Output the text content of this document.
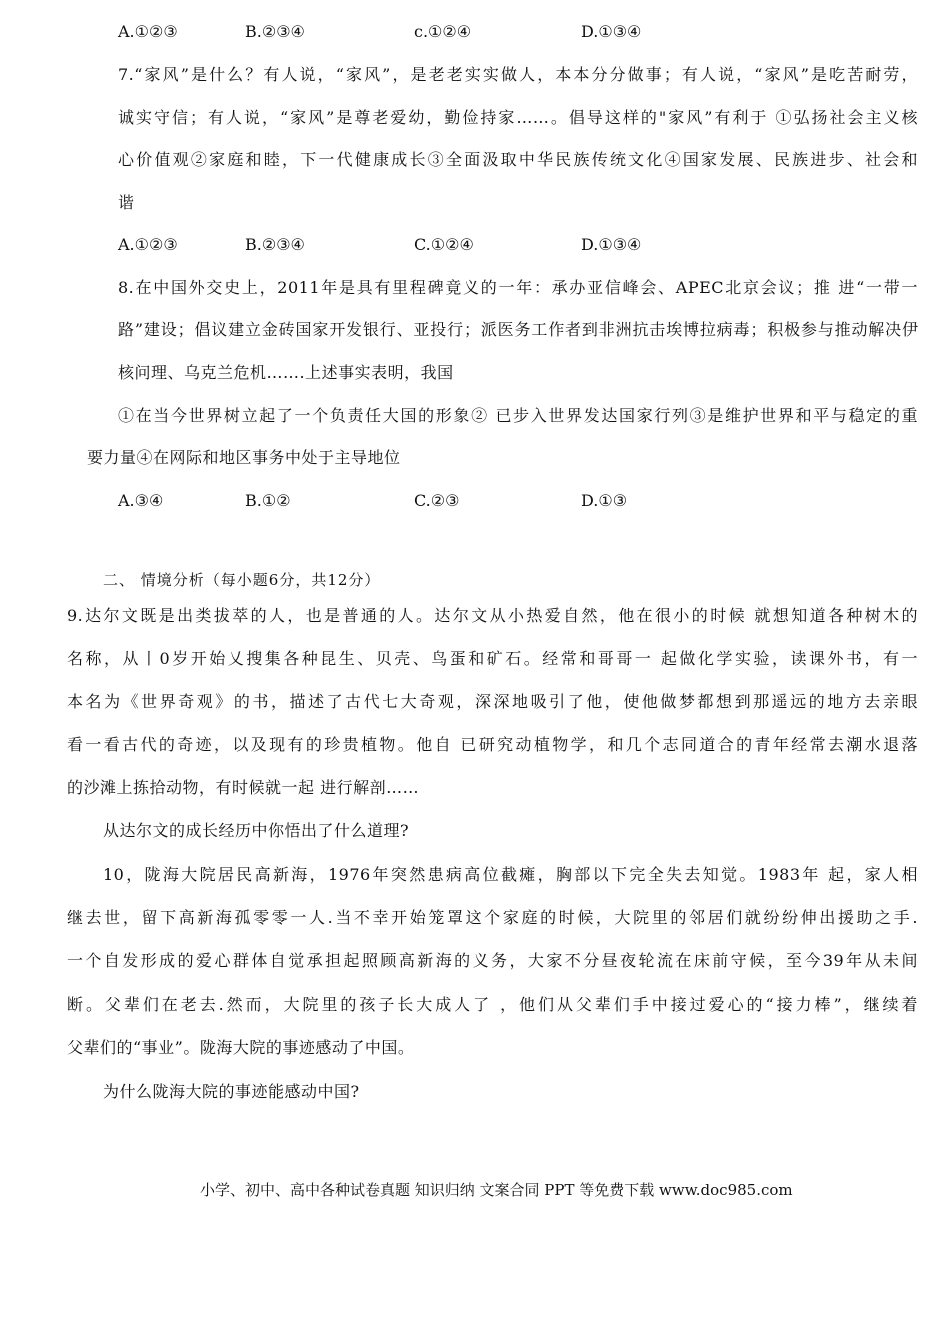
A.①②③	B.②③④	c.①②④	D.①③④
7.“家风”是什么？有人说，“家风”，是老老实实做人，本本分分做事；有人说，“家风”是吃苦耐劳，
诚实守信；有人说，“家风”是尊老爱幼，勤俭持家……。倡导这样的"家风”有利于 ①弘扬社会主义核
心价值观②家庭和睦，下一代健康成长③全面汲取中华民族传统文化④国家发展、民族进步、社会和
谐
A.①②③	B.②③④	C.①②④	D.①③④
8.在中国外交史上，2011年是具有里程碑竟义的一年：承办亚信峰会、APEC北京会议；推 进“一带一
路”建设；倡议建立金砖国家开发银行、亚投行；派医务工作者到非洲抗击埃博拉病毒；积极参与推动解决伊
核问理、乌克兰危机…….上述事实表明，我国
①在当今世界树立起了一个负责任大国的形象② 已步入世界发达国家行列③是维护世界和平与稳定的重
要力量④在网际和地区事务中处于主导地位
A.③④	B.①②	C.②③	D.①③
二、 情境分析（每小题6分，共12分）
9.达尔文既是出类拔萃的人，也是普通的人。达尔文从小热爱自然，他在很小的时候 就想知道各种树木的
名称，从丨0岁开始乂搜集各种昆生、贝壳、鸟蛋和矿石。经常和哥哥一 起做化学实验，读课外书，有一
本名为《世界奇观》的书，描述了古代七大奇观，深深地吸引了他，使他做梦都想到那遥远的地方去亲眼
看一看古代的奇迹，以及现有的珍贵植物。他自 已研究动植物学，和几个志同道合的青年经常去潮水退落
的沙滩上拣拾动物，有时候就一起 进行解剖……
从达尔文的成长经历中你悟出了什么道理?
10，陇海大院居民高新海，1976年突然患病高位截瘫，胸部以下完全失去知觉。1983年 起，家人相
继去世，留下高新海孤零零一人.当不幸开始笼罩这个家庭的时候，大院里的邻居们就纷纷伸出援助之手.
一个自发形成的爱心群体自觉承担起照顾高新海的义务，大家不分昼夜轮流在床前守候，至今39年从未间
断。父辈们在老去.然而，大院里的孩子长大成人了 ，他们从父辈们手中接过爱心的“接力棒”，继续着
父辈们的“事业”。陇海大院的事迹感动了中国。
为什么陇海大院的事迹能感动中国?
小学、初中、高中各种试卷真题 知识归纳 文案合同 PPT 等免费下载 www.doc985.com
